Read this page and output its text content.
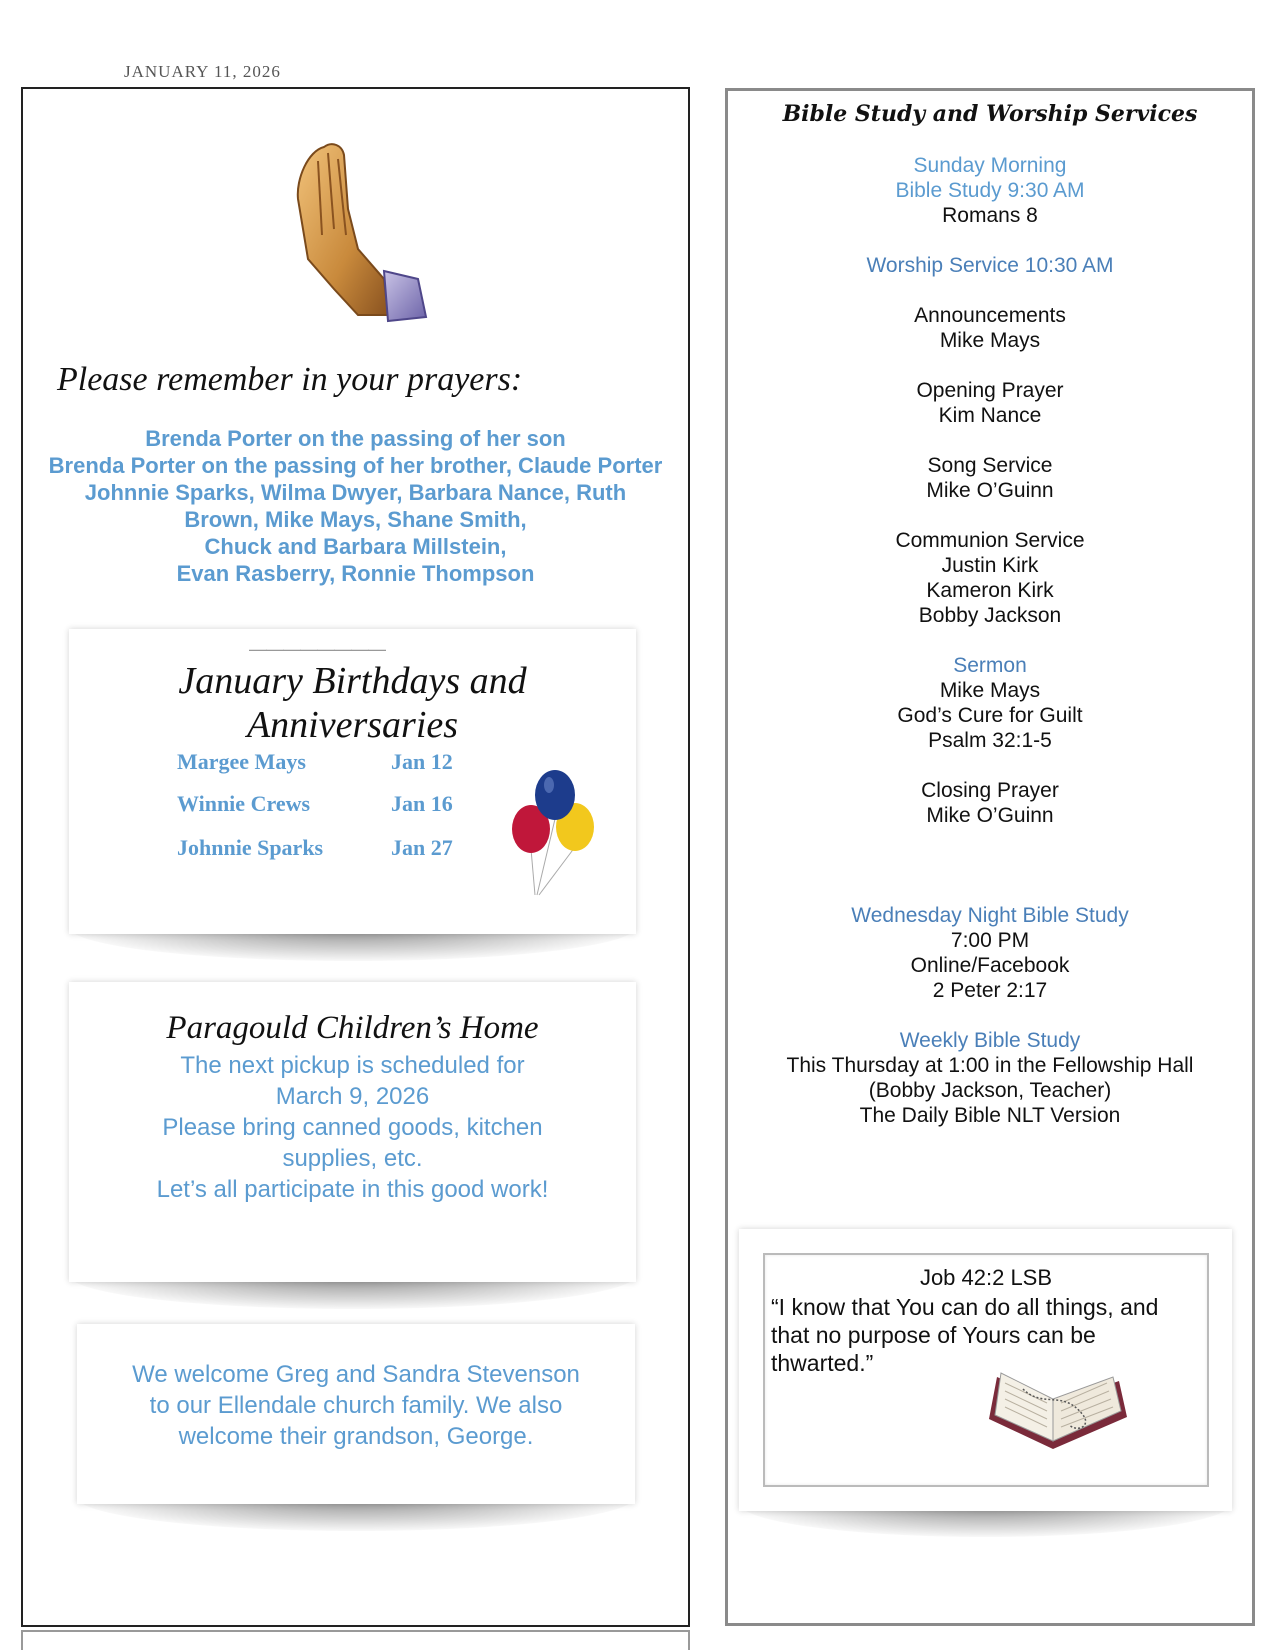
JANUARY 11, 2026
Please remember in your prayers:
Brenda Porter on the passing of her son
Brenda Porter on the passing of her brother, Claude Porter
Johnnie Sparks, Wilma Dwyer, Barbara Nance, Ruth
Brown, Mike Mays, Shane Smith,
Chuck and Barbara Millstein,
Evan Rasberry, Ronnie Thompson
————————
January Birthdays and
Anniversaries
Margee Mays	Jan 12
Winnie Crews	Jan 16
Johnnie Sparks	Jan 27
Paragould Children’s Home
The next pickup is scheduled for
March 9, 2026
Please bring canned goods, kitchen
supplies, etc.
Let’s all participate in this good work!
We welcome Greg and Sandra Stevenson
to our Ellendale church family. We also
welcome their grandson, George.
Bible Study and Worship Services
Sunday Morning
Bible Study 9:30 AM
Romans 8
Worship Service 10:30 AM
Announcements
Mike Mays
Opening Prayer
Kim Nance
Song Service
Mike O’Guinn
Communion Service
Justin Kirk
Kameron Kirk
Bobby Jackson
Sermon
Mike Mays
God’s Cure for Guilt
Psalm 32:1-5
Closing Prayer
Mike O’Guinn
Wednesday Night Bible Study
7:00 PM
Online/Facebook
2 Peter 2:17
Weekly Bible Study
This Thursday at 1:00 in the Fellowship Hall
(Bobby Jackson, Teacher)
The Daily Bible NLT Version
Job 42:2 LSB
“I know that You can do all things, and that no purpose of Yours can be thwarted.”
